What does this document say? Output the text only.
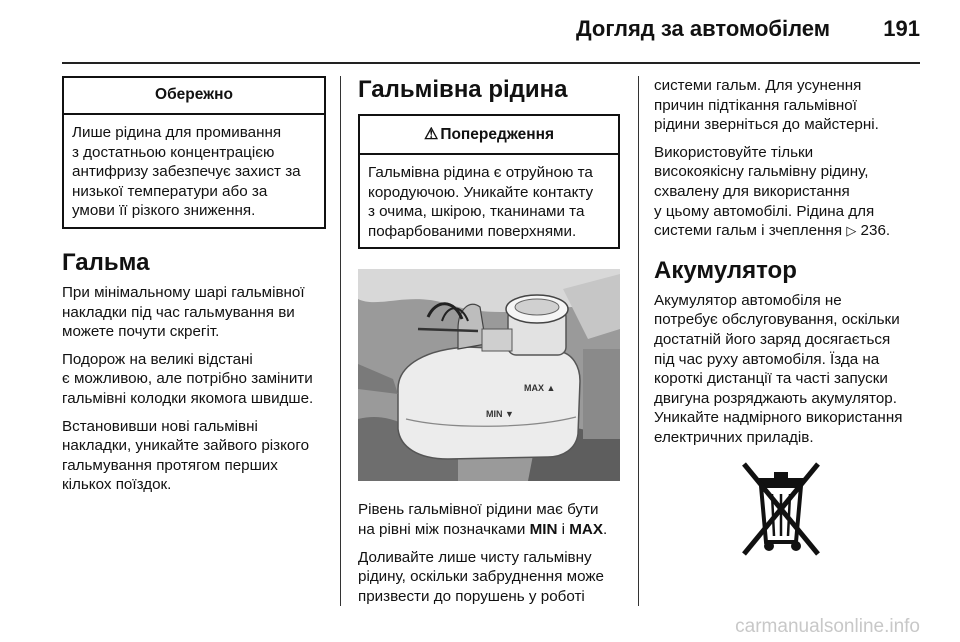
Догляд за автомобілем 191
Обережно
Лише рідина для промивання
з достатньою концентрацією
антифризу забезпечує захист за
низької температури або за
умови її різкого зниження.
Гальма

При мінімальному шарі гальмівної
накладки під час гальмування ви
можете почути скрегіт.

Подорож на великі відстані
є можливою, але потрібно замінити
гальмівні колодки якомога швидше.

Встановивши нові гальмівні
накладки, уникайте зайвого різкого
гальмування протягом перших
кількох поїздок.

Гальмівна рідина
⚠ Попередження
Гальмівна рідина є отруйною та
кородуючою. Уникайте контакту
з очима, шкірою, тканинами та
пофарбованими поверхнями.
MAX ▲
MIN ▼

Рівень гальмівної рідини має бути
на рівні між позначками MIN і MAX.

Доливайте лише чисту гальмівну
рідину, оскільки забруднення може
призвести до порушень у роботі

системи гальм. Для усунення
причин підтікання гальмівної
рідини зверніться до майстерні.

Використовуйте тільки
високоякісну гальмівну рідину,
схвалену для використання
у цьому автомобілі. Рідина для
системи гальм і зчеплення ▷ 236.

Акумулятор

Акумулятор автомобіля не
потребує обслуговування, оскільки
достатній його заряд досягається
під час руху автомобіля. Їзда на
короткі дистанції та часті запуски
двигуна розряджають акумулятор.
Уникайте надмірного використання
електричних приладів.

carmanualsonline.info
